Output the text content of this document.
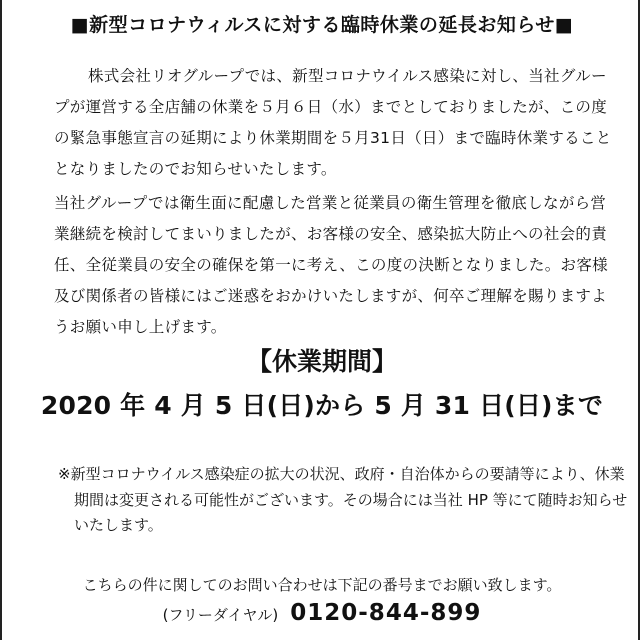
■新型コロナウィルスに対する臨時休業の延長お知らせ■

株式会社リオグループでは、新型コロナウイルス感染に対し、当社グループが運営する全店舗の休業を５月６日（水）までとしておりましたが、この度の緊急事態宣言の延期により休業期間を５月31日（日）まで臨時休業することとなりましたのでお知らせいたします。

当社グループでは衛生面に配慮した営業と従業員の衛生管理を徹底しながら営業継続を検討してまいりましたが、お客様の安全、感染拡大防止への社会的責任、全従業員の安全の確保を第一に考え、この度の決断となりました。お客様及び関係者の皆様にはご迷惑をおかけいたしますが、何卒ご理解を賜りますようお願い申し上げます。

【休業期間】
2020 年 4 月 5 日(日)から 5 月 31 日(日)まで

※新型コロナウイルス感染症の拡大の状況、政府・自治体からの要請等により、休業期間は変更される可能性がございます。その場合には当社 HP 等にて随時お知らせいたします。

こちらの件に関してのお問い合わせは下記の番号までお願い致します。
(フリーダイヤル) 0120-844-899
